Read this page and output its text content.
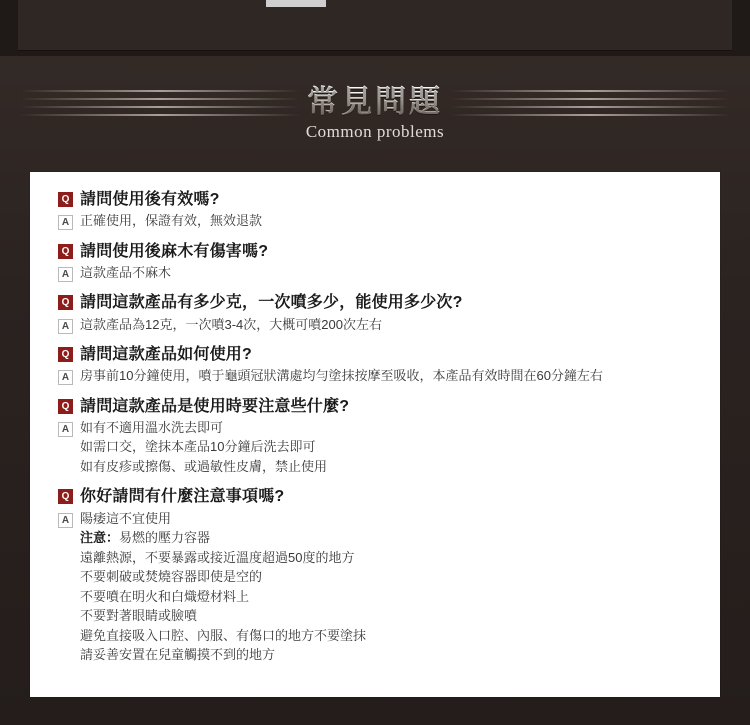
常見問題
Common problems
Q 請問使用後有效嗎?
A 正確使用，保證有效，無效退款
Q 請問使用後麻木有傷害嗎?
A 這款產品不麻木
Q 請問這款產品有多少克，一次噴多少，能使用多少次?
A 這款產品為12克，一次噴3-4次，大概可噴200次左右
Q 請問這款產品如何使用?
A 房事前10分鐘使用，噴于龜頭冠狀溝處均勻塗抹按摩至吸收，本產品有效時間在60分鐘左右
Q 請問這款產品是使用時要注意些什麼?
A 如有不適用溫水洗去即可
如需口交，塗抹本產品10分鐘后洗去即可
如有皮疹或擦傷、或過敏性皮膚，禁止使用
Q 你好請問有什麼注意事項嗎?
A 陽痿這不宜使用
注意：易燃的壓力容器
遠離熱源，不要暴露或接近溫度超過50度的地方
不要刺破或焚燒容器即使是空的
不要噴在明火和白熾燈材料上
不要對著眼睛或臉噴
避免直接吸入口腔、內服、有傷口的地方不要塗抹
請妥善安置在兒童觸摸不到的地方
